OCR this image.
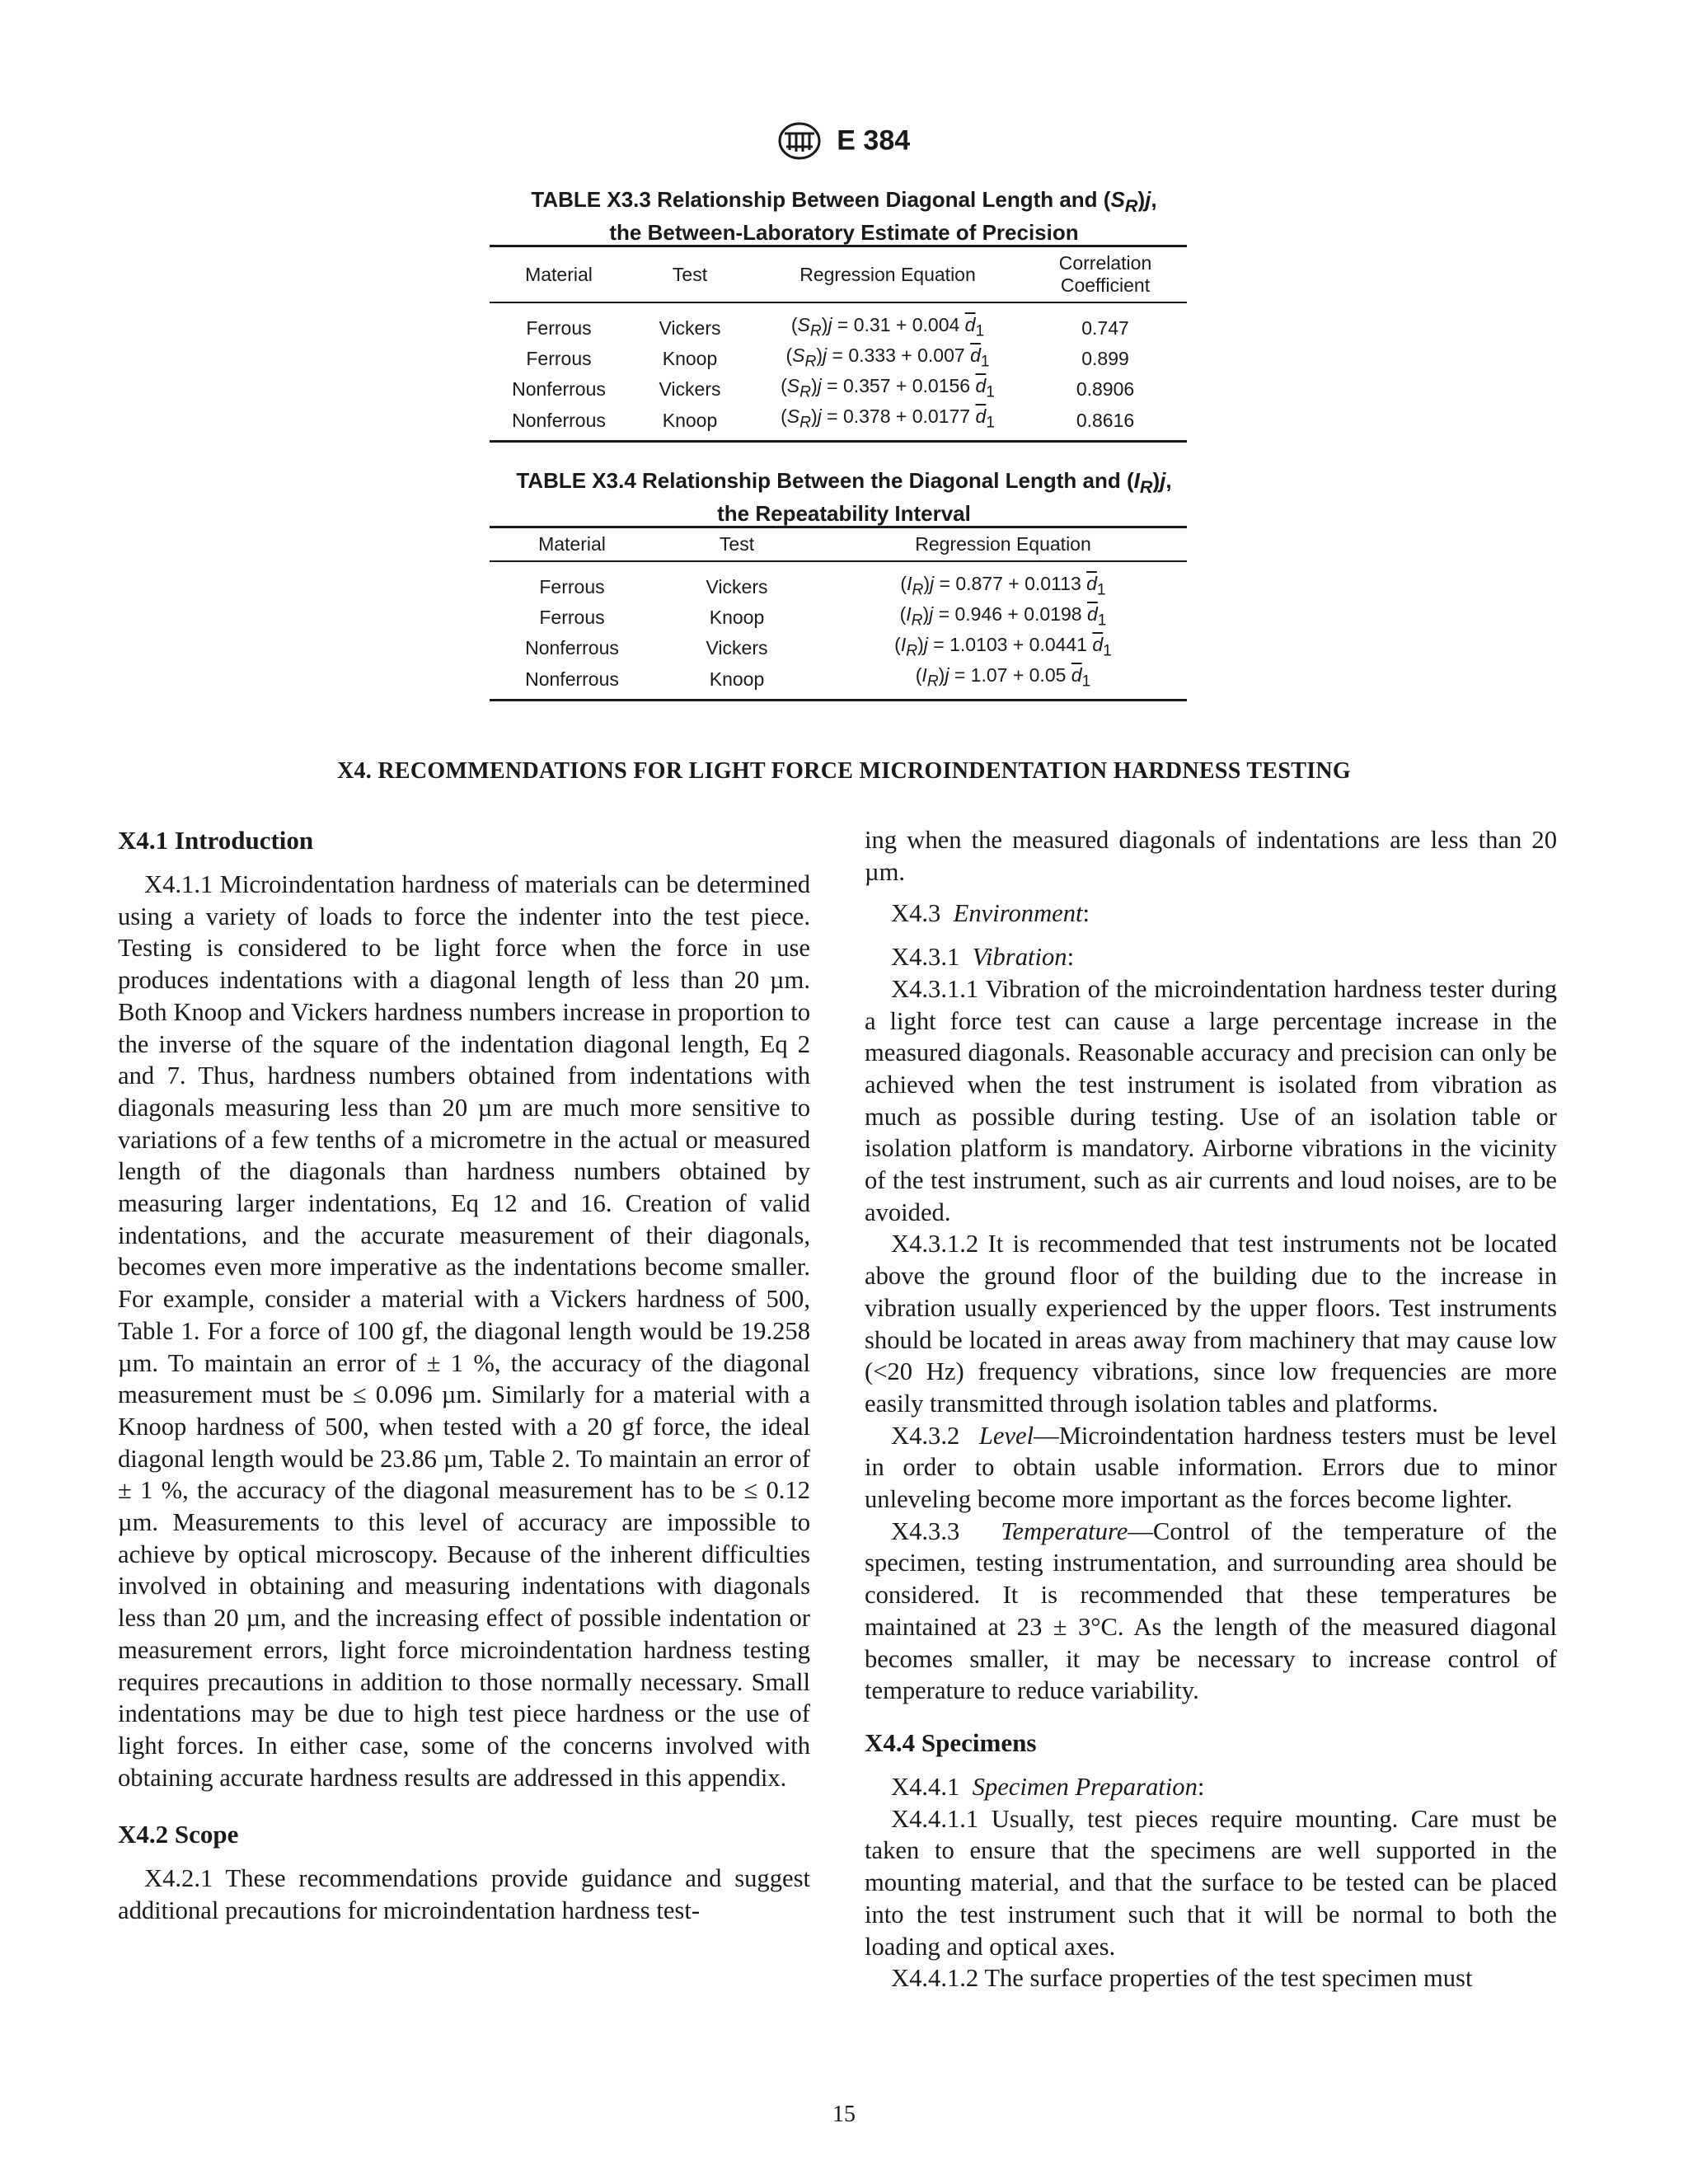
E 384
TABLE X3.3 Relationship Between Diagonal Length and $(S_R)j$,
the Between-Laboratory Estimate of Precision
Material	Test	Regression Equation	Correlation Coefficient
Ferrous	Vickers	$(S_R)j = 0.31 + 0.004$ $\overline{d}_1$	0.747
Ferrous	Knoop	$(S_R)j = 0.333 + 0.007$ $\overline{d}_1$	0.899
Nonferrous	Vickers	$(S_R)j = 0.357 + 0.0156$ $\overline{d}_1$	0.8906
Nonferrous	Knoop	$(S_R)j = 0.378 + 0.0177$ $\overline{d}_1$	0.8616
TABLE X3.4 Relationship Between the Diagonal Length and $(I_R)j$,
the Repeatability Interval
Material	Test	Regression Equation
Ferrous	Vickers	$(I_R)j = 0.877 + 0.0113$ $\overline{d}_1$
Ferrous	Knoop	$(I_R)j = 0.946 + 0.0198$ $\overline{d}_1$
Nonferrous	Vickers	$(I_R)j = 1.0103 + 0.0441$ $\overline{d}_1$
Nonferrous	Knoop	$(I_R)j = 1.07 + 0.05$ $\overline{d}_1$
X4. RECOMMENDATIONS FOR LIGHT FORCE MICROINDENTATION HARDNESS TESTING
X4.1 Introduction

X4.1.1 Microindentation hardness of materials can be determined using a variety of loads to force the indenter into the test piece. Testing is considered to be light force when the force in use produces indentations with a diagonal length of less than 20 µm. Both Knoop and Vickers hardness numbers increase in proportion to the inverse of the square of the indentation diagonal length, Eq 2 and 7. Thus, hardness numbers obtained from indentations with diagonals measuring less than 20 µm are much more sensitive to variations of a few tenths of a micrometre in the actual or measured length of the diagonals than hardness numbers obtained by measuring larger indentations, Eq 12 and 16. Creation of valid indentations, and the accurate measurement of their diagonals, becomes even more imperative as the indentations become smaller. For example, consider a material with a Vickers hardness of 500, Table 1. For a force of 100 gf, the diagonal length would be 19.258 µm. To maintain an error of ± 1 %, the accuracy of the diagonal measurement must be ≤ 0.096 µm. Similarly for a material with a Knoop hardness of 500, when tested with a 20 gf force, the ideal diagonal length would be 23.86 µm, Table 2. To maintain an error of ± 1 %, the accuracy of the diagonal measurement has to be ≤ 0.12 µm. Measurements to this level of accuracy are impossible to achieve by optical microscopy. Because of the inherent difficulties involved in obtaining and measuring indentations with diagonals less than 20 µm, and the increasing effect of possible indentation or measurement errors, light force microindentation hardness testing requires precautions in addition to those normally necessary. Small indentations may be due to high test piece hardness or the use of light forces. In either case, some of the concerns involved with obtaining accurate hardness results are addressed in this appendix.

X4.2 Scope

X4.2.1 These recommendations provide guidance and suggest additional precautions for microindentation hardness test-

ing when the measured diagonals of indentations are less than 20 µm.

X4.3 Environment:

X4.3.1 Vibration:

X4.3.1.1 Vibration of the microindentation hardness tester during a light force test can cause a large percentage increase in the measured diagonals. Reasonable accuracy and precision can only be achieved when the test instrument is isolated from vibration as much as possible during testing. Use of an isolation table or isolation platform is mandatory. Airborne vibrations in the vicinity of the test instrument, such as air currents and loud noises, are to be avoided.

X4.3.1.2 It is recommended that test instruments not be located above the ground floor of the building due to the increase in vibration usually experienced by the upper floors. Test instruments should be located in areas away from machinery that may cause low (<20 Hz) frequency vibrations, since low frequencies are more easily transmitted through isolation tables and platforms.

X4.3.2 Level—Microindentation hardness testers must be level in order to obtain usable information. Errors due to minor unleveling become more important as the forces become lighter.

X4.3.3 Temperature—Control of the temperature of the specimen, testing instrumentation, and surrounding area should be considered. It is recommended that these temperatures be maintained at 23 ± 3°C. As the length of the measured diagonal becomes smaller, it may be necessary to increase control of temperature to reduce variability.

X4.4 Specimens

X4.4.1 Specimen Preparation:

X4.4.1.1 Usually, test pieces require mounting. Care must be taken to ensure that the specimens are well supported in the mounting material, and that the surface to be tested can be placed into the test instrument such that it will be normal to both the loading and optical axes.

X4.4.1.2 The surface properties of the test specimen must

15
